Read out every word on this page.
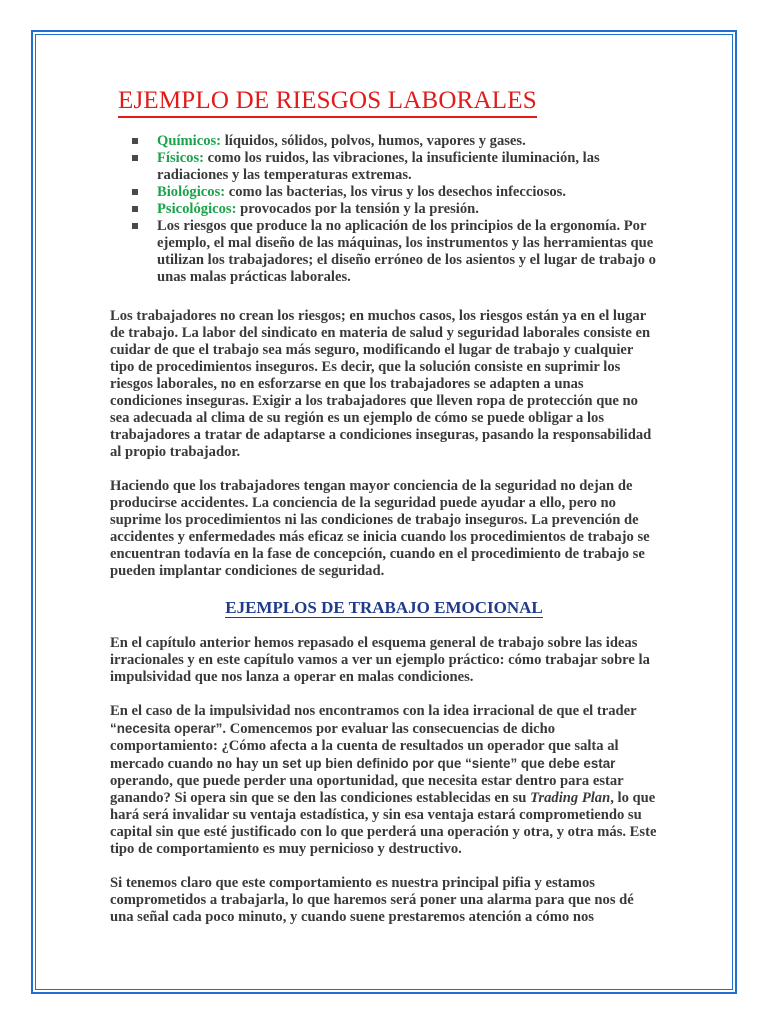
EJEMPLO DE RIESGOS LABORALES
Químicos: líquidos, sólidos, polvos, humos, vapores y gases.
Físicos: como los ruidos, las vibraciones, la insuficiente iluminación, las radiaciones y las temperaturas extremas.
Biológicos: como las bacterias, los virus y los desechos infecciosos.
Psicológicos: provocados por la tensión y la presión.
Los riesgos que produce la no aplicación de los principios de la ergonomía. Por ejemplo, el mal diseño de las máquinas, los instrumentos y las herramientas que utilizan los trabajadores; el diseño erróneo de los asientos y el lugar de trabajo o unas malas prácticas laborales.

Los trabajadores no crean los riesgos; en muchos casos, los riesgos están ya en el lugar de trabajo. La labor del sindicato en materia de salud y seguridad laborales consiste en cuidar de que el trabajo sea más seguro, modificando el lugar de trabajo y cualquier tipo de procedimientos inseguros. Es decir, que la solución consiste en suprimir los riesgos laborales, no en esforzarse en que los trabajadores se adapten a unas condiciones inseguras. Exigir a los trabajadores que lleven ropa de protección que no sea adecuada al clima de su región es un ejemplo de cómo se puede obligar a los trabajadores a tratar de adaptarse a condiciones inseguras, pasando la responsabilidad al propio trabajador.

Haciendo que los trabajadores tengan mayor conciencia de la seguridad no dejan de producirse accidentes. La conciencia de la seguridad puede ayudar a ello, pero no suprime los procedimientos ni las condiciones de trabajo inseguros. La prevención de accidentes y enfermedades más eficaz se inicia cuando los procedimientos de trabajo se encuentran todavía en la fase de concepción, cuando en el procedimiento de trabajo se pueden implantar condiciones de seguridad.

EJEMPLOS DE TRABAJO EMOCIONAL

En el capítulo anterior hemos repasado el esquema general de trabajo sobre las ideas irracionales y en este capítulo vamos a ver un ejemplo práctico: cómo trabajar sobre la impulsividad que nos lanza a operar en malas condiciones.

En el caso de la impulsividad nos encontramos con la idea irracional de que el trader “necesita operar”. Comencemos por evaluar las consecuencias de dicho comportamiento: ¿Cómo afecta a la cuenta de resultados un operador que salta al mercado cuando no hay un set up bien definido por que “siente” que debe estar operando, que puede perder una oportunidad, que necesita estar dentro para estar ganando? Si opera sin que se den las condiciones establecidas en su Trading Plan, lo que hará será invalidar su ventaja estadística, y sin esa ventaja estará comprometiendo su capital sin que esté justificado con lo que perderá una operación y otra, y otra más. Este tipo de comportamiento es muy pernicioso y destructivo.

Si tenemos claro que este comportamiento es nuestra principal pifia y estamos comprometidos a trabajarla, lo que haremos será poner una alarma para que nos dé una señal cada poco minuto, y cuando suene prestaremos atención a cómo nos
